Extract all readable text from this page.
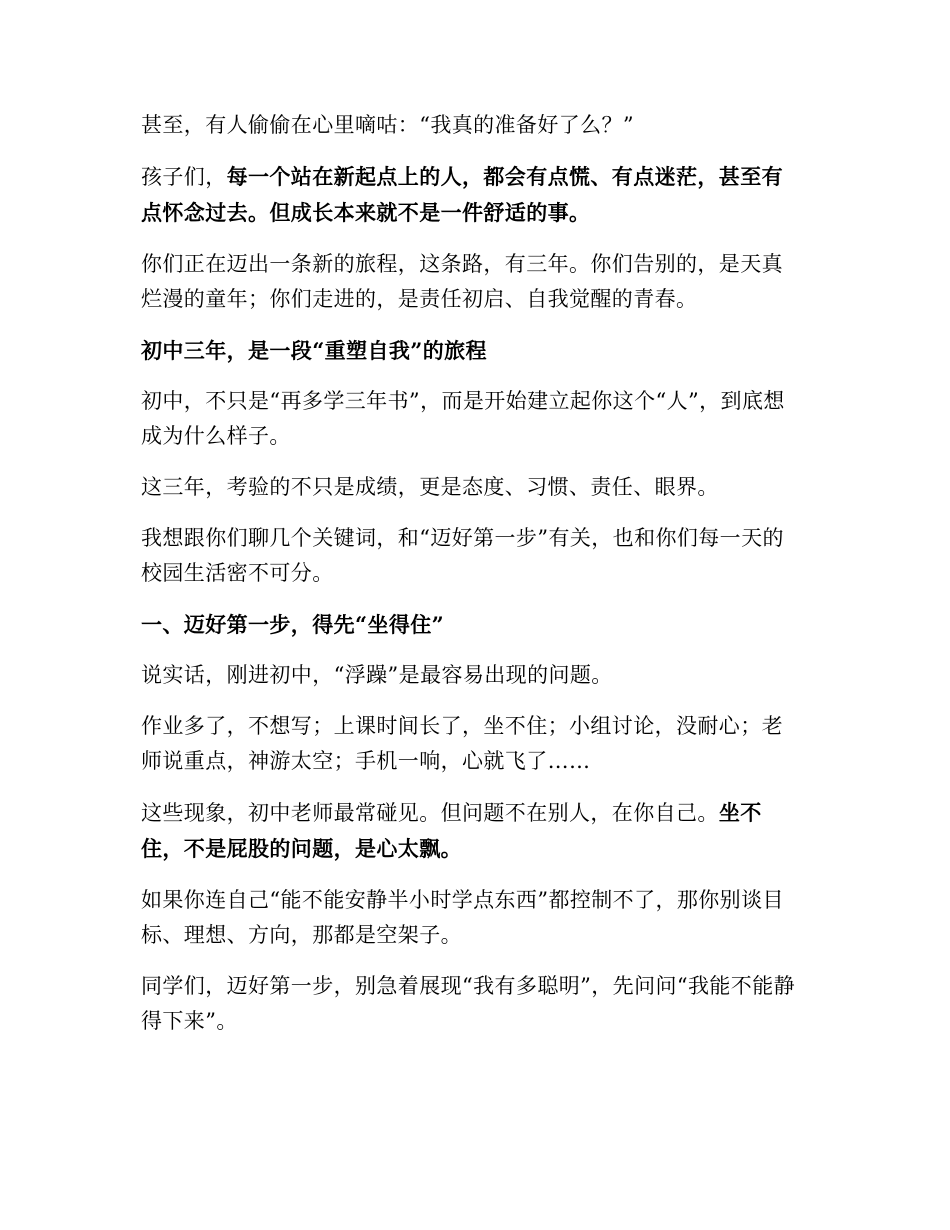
甚至，有人偷偷在心里嘀咕：“我真的准备好了么？”

孩子们，每一个站在新起点上的人，都会有点慌、有点迷茫，甚至有点怀念过去。但成长本来就不是一件舒适的事。

你们正在迈出一条新的旅程，这条路，有三年。你们告别的，是天真烂漫的童年；你们走进的，是责任初启、自我觉醒的青春。

初中三年，是一段“重塑自我”的旅程

初中，不只是“再多学三年书”，而是开始建立起你这个“人”，到底想成为什么样子。

这三年，考验的不只是成绩，更是态度、习惯、责任、眼界。

我想跟你们聊几个关键词，和“迈好第一步”有关，也和你们每一天的校园生活密不可分。

一、迈好第一步，得先“坐得住”

说实话，刚进初中，“浮躁”是最容易出现的问题。

作业多了，不想写；上课时间长了，坐不住；小组讨论，没耐心；老师说重点，神游太空；手机一响，心就飞了……

这些现象，初中老师最常碰见。但问题不在别人，在你自己。坐不住，不是屁股的问题，是心太飘。

如果你连自己“能不能安静半小时学点东西”都控制不了，那你别谈目标、理想、方向，那都是空架子。

同学们，迈好第一步，别急着展现“我有多聪明”，先问问“我能不能静得下来”。
